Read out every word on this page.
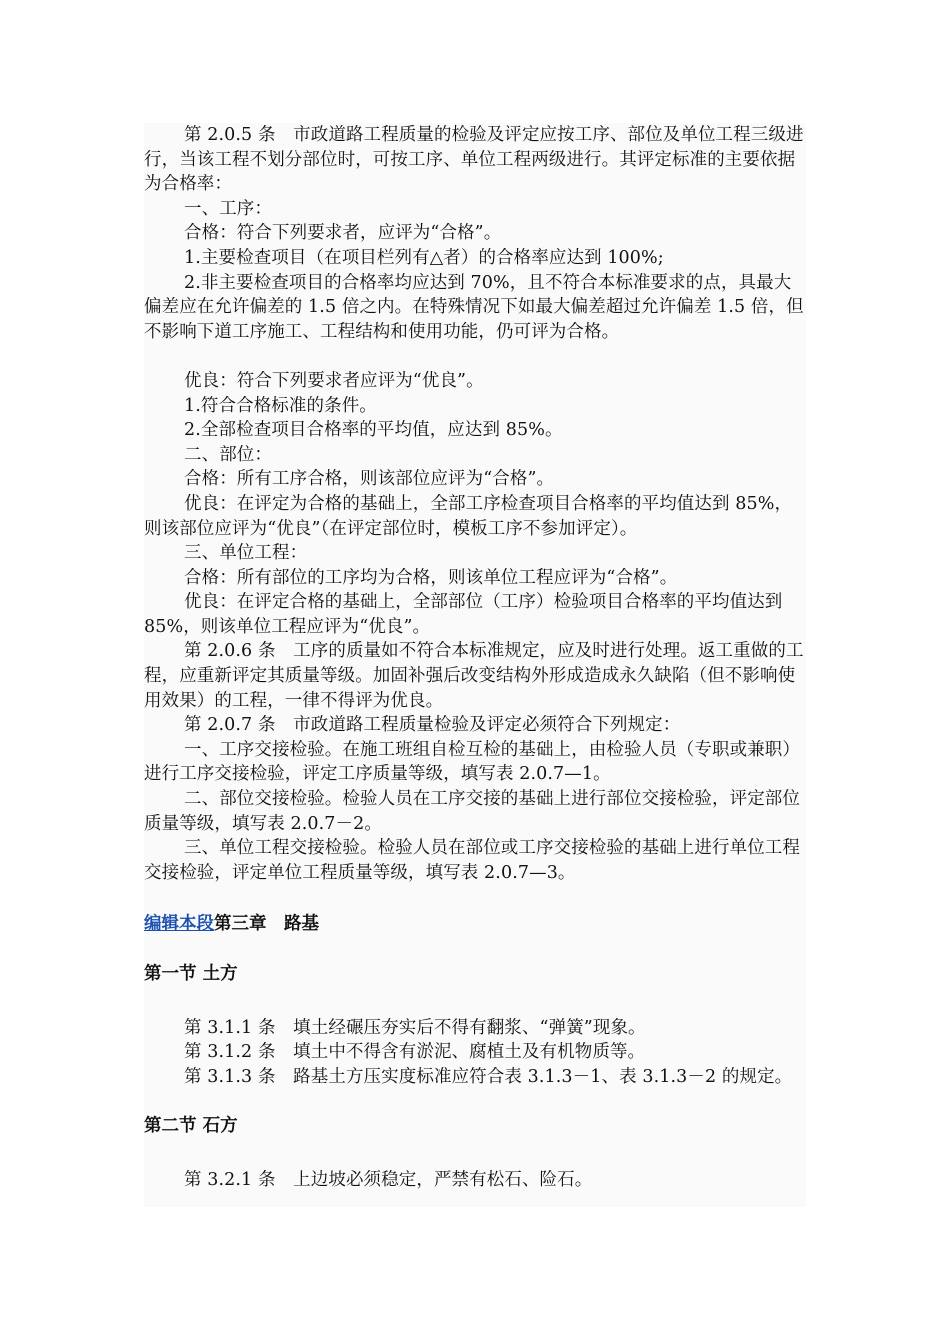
第 2.0.5 条　市政道路工程质量的检验及评定应按工序、部位及单位工程三级进行，当该工程不划分部位时，可按工序、单位工程两级进行。其评定标准的主要依据为合格率：

一、工序：

合格：符合下列要求者，应评为“合格”。

1.主要检查项目（在项目栏列有△者）的合格率应达到 100%;

2.非主要检查项目的合格率均应达到 70%，且不符合本标准要求的点，具最大偏差应在允许偏差的 1.5 倍之内。在特殊情况下如最大偏差超过允许偏差 1.5 倍，但不影响下道工序施工、工程结构和使用功能，仍可评为合格。

优良：符合下列要求者应评为“优良”。

1.符合合格标准的条件。

2.全部检查项目合格率的平均值，应达到 85%。

二、部位：

合格：所有工序合格，则该部位应评为“合格”。

优良：在评定为合格的基础上，全部工序检查项目合格率的平均值达到 85%，则该部位应评为“优良”（在评定部位时，模板工序不参加评定）。

三、单位工程：

合格：所有部位的工序均为合格，则该单位工程应评为“合格”。

优良：在评定合格的基础上，全部部位（工序）检验项目合格率的平均值达到 85%，则该单位工程应评为“优良”。

第 2.0.6 条　工序的质量如不符合本标准规定，应及时进行处理。返工重做的工程，应重新评定其质量等级。加固补强后改变结构外形成造成永久缺陷（但不影响使用效果）的工程，一律不得评为优良。

第 2.0.7 条　市政道路工程质量检验及评定必须符合下列规定：

一、工序交接检验。在施工班组自检互检的基础上，由检验人员（专职或兼职）进行工序交接检验，评定工序质量等级，填写表 2.0.7—1。

二、部位交接检验。检验人员在工序交接的基础上进行部位交接检验，评定部位质量等级，填写表 2.0.7－2。

三、单位工程交接检验。检验人员在部位或工序交接检验的基础上进行单位工程交接检验，评定单位工程质量等级，填写表 2.0.7—3。

编辑本段第三章　路基

第一节 土方

第 3.1.1 条　填土经碾压夯实后不得有翻浆、“弹簧”现象。

第 3.1.2 条　填土中不得含有淤泥、腐植土及有机物质等。

第 3.1.3 条　路基土方压实度标准应符合表 3.1.3－1、表 3.1.3－2 的规定。

第二节 石方

第 3.2.1 条　上边坡必须稳定，严禁有松石、险石。
